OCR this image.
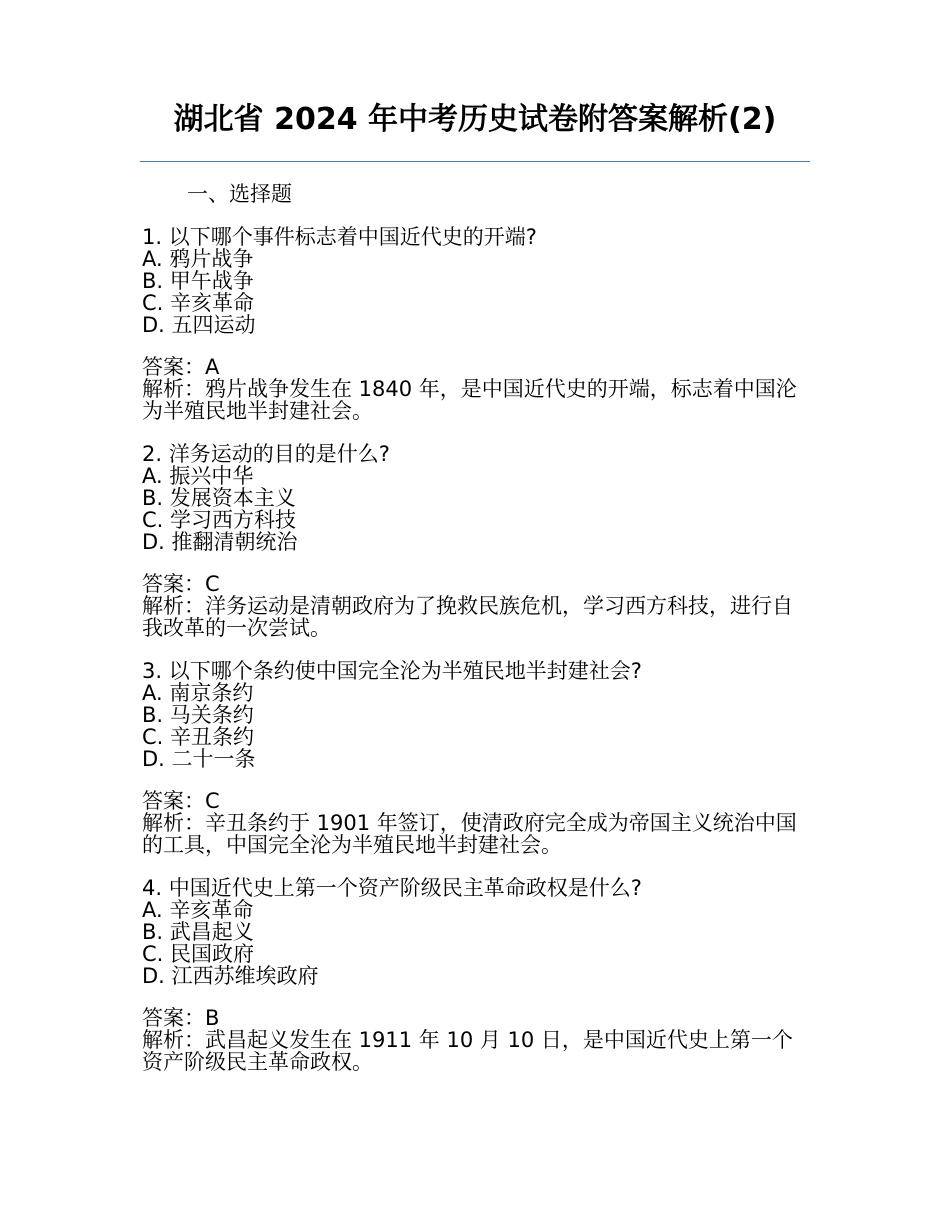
湖北省 2024 年中考历史试卷附答案解析(2)

一、选择题

1. 以下哪个事件标志着中国近代史的开端?

A. 鸦片战争

B. 甲午战争

C. 辛亥革命

D. 五四运动

答案：A

解析：鸦片战争发生在 1840 年，是中国近代史的开端，标志着中国沦为半殖民地半封建社会。

2. 洋务运动的目的是什么?

A. 振兴中华

B. 发展资本主义

C. 学习西方科技

D. 推翻清朝统治

答案：C

解析：洋务运动是清朝政府为了挽救民族危机，学习西方科技，进行自我改革的一次尝试。

3. 以下哪个条约使中国完全沦为半殖民地半封建社会?

A. 南京条约

B. 马关条约

C. 辛丑条约

D. 二十一条

答案：C

解析：辛丑条约于 1901 年签订，使清政府完全成为帝国主义统治中国的工具，中国完全沦为半殖民地半封建社会。

4. 中国近代史上第一个资产阶级民主革命政权是什么?

A. 辛亥革命

B. 武昌起义

C. 民国政府

D. 江西苏维埃政府

答案：B

解析：武昌起义发生在 1911 年 10 月 10 日，是中国近代史上第一个资产阶级民主革命政权。
